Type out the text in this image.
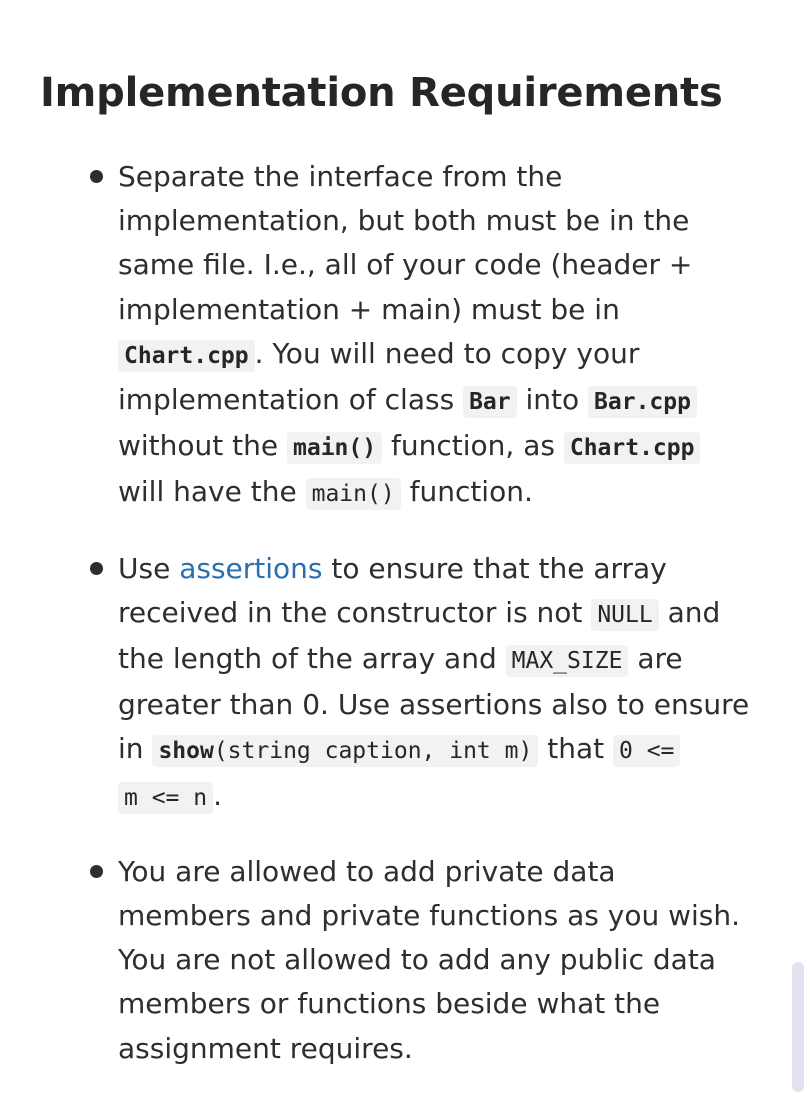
Implementation Requirements
Separate the interface from the
implementation, but both must be in the
same file. I.e., all of your code (header +
implementation + main) must be in
Chart.cpp . You will need to copy your
implementation of class Bar into Bar.cpp
without the main() function, as Chart.cpp
will have the main() function.
Use assertions to ensure that the array
received in the constructor is not NULL and
the length of the array and MAX_SIZE are
greater than 0. Use assertions also to ensure
in show(string caption, int m) that 0 <=
m <= n .
You are allowed to add private data
members and private functions as you wish.
You are not allowed to add any public data
members or functions beside what the
assignment requires.
